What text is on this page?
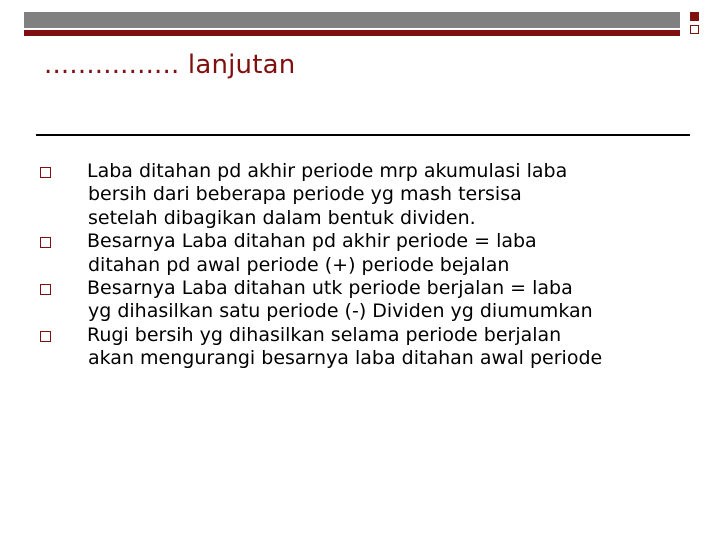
................ lanjutan
Laba ditahan pd akhir periode mrp akumulasi laba
bersih dari beberapa periode yg mash tersisa
setelah dibagikan dalam bentuk dividen.
Besarnya Laba ditahan pd akhir periode = laba
ditahan pd awal periode (+) periode bejalan
Besarnya Laba ditahan utk periode berjalan = laba
yg dihasilkan satu periode (-) Dividen yg diumumkan
Rugi bersih yg dihasilkan selama periode berjalan
akan mengurangi besarnya laba ditahan awal periode
